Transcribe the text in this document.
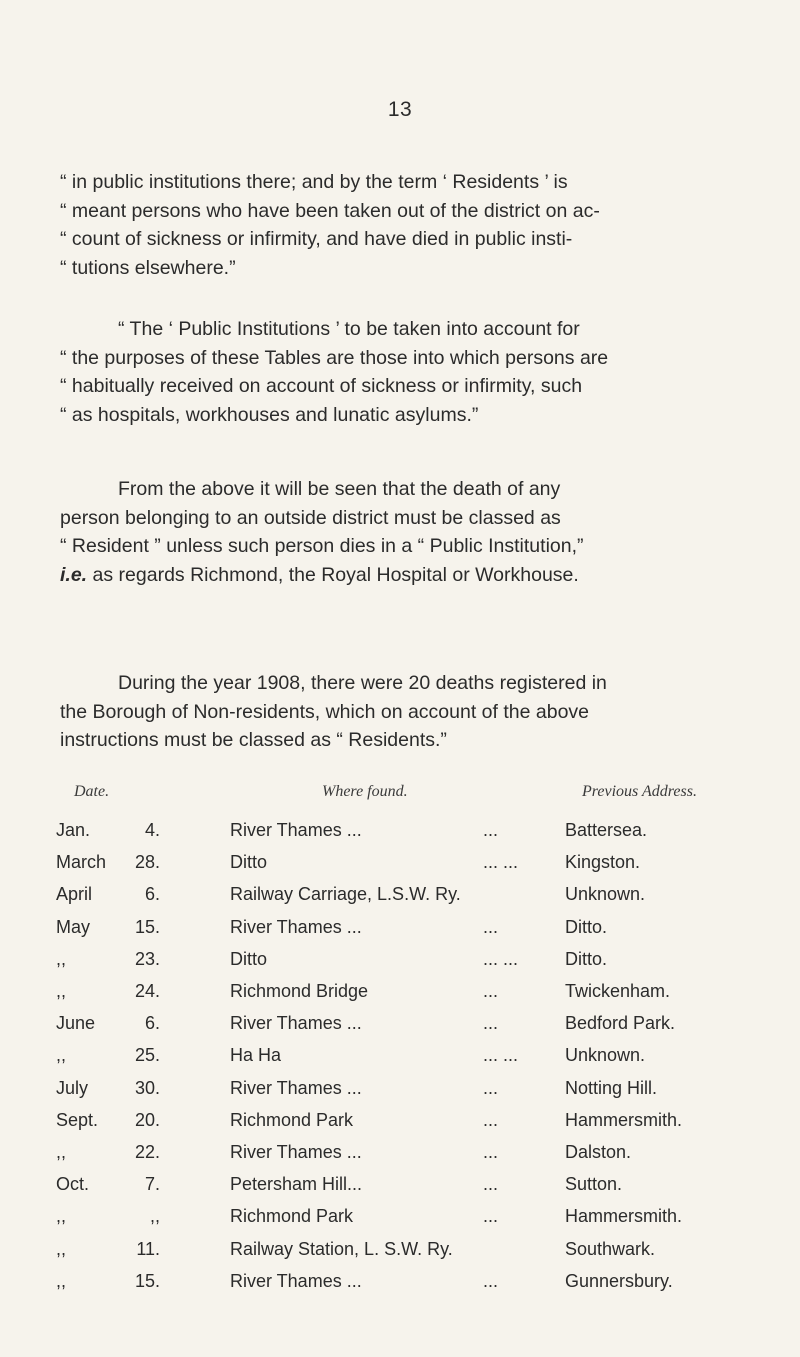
13
“ in public institutions there; and by the term ‘ Residents ’ is
“ meant persons who have been taken out of the district on ac-
“ count of sickness or infirmity, and have died in public insti-
“ tutions elsewhere.”
“ The ‘ Public Institutions ’ to be taken into account for
“ the purposes of these Tables are those into which persons are
“ habitually received on account of sickness or infirmity, such
“ as hospitals, workhouses and lunatic asylums.”
From the above it will be seen that the death of any
person belonging to an outside district must be classed as
“ Resident ” unless such person dies in a “ Public Institution,”
i.e. as regards Richmond, the Royal Hospital or Workhouse.
During the year 1908, there were 20 deaths registered in
the Borough of Non-residents, which on account of the above
instructions must be classed as “ Residents.”
Date.	Where found.	Previous Address.
Jan.	4.	River Thames ...	...	Battersea.
March	28.	Ditto	... ...	Kingston.
April	6.	Railway Carriage, L.S.W. Ry.	Unknown.
May	15.	River Thames ...	...	Ditto.
,,	23.	Ditto	... ...	Ditto.
,,	24.	Richmond Bridge	...	Twickenham.
June	6.	River Thames ...	...	Bedford Park.
,,	25.	Ha Ha	... ...	Unknown.
July	30.	River Thames ...	...	Notting Hill.
Sept.	20.	Richmond Park	...	Hammersmith.
,,	22.	River Thames ...	...	Dalston.
Oct.	7.	Petersham Hill...	...	Sutton.
,,	,,	Richmond Park	...	Hammersmith.
,,	11.	Railway Station, L. S.W. Ry.	Southwark.
,,	15.	River Thames ...	...	Gunnersbury.
